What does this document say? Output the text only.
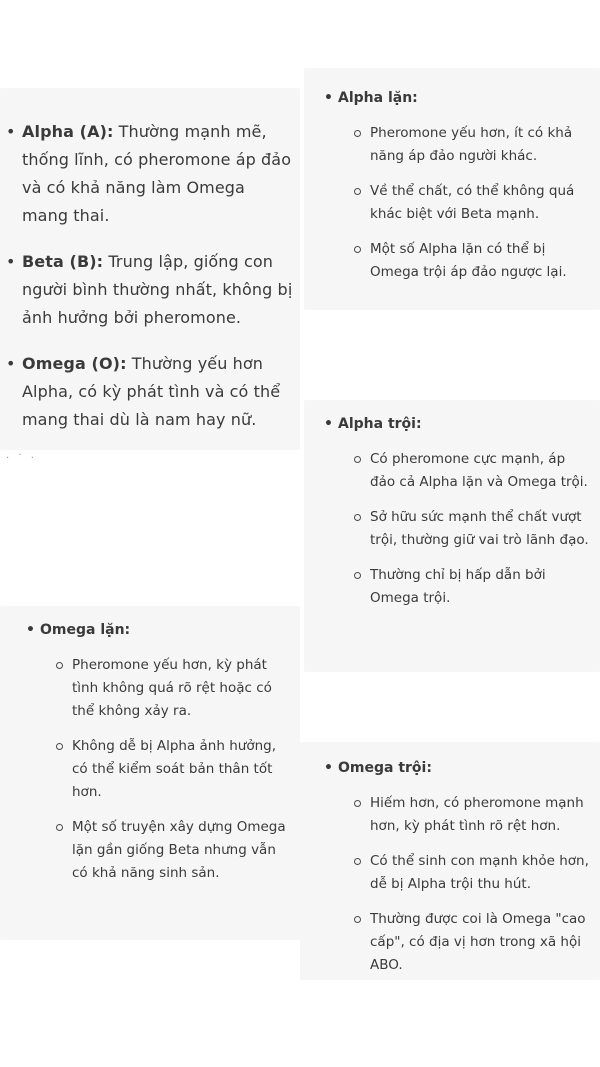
• Alpha (A): Thường mạnh mẽ, thống lĩnh, có pheromone áp đảo và có khả năng làm Omega mang thai.
• Beta (B): Trung lập, giống con người bình thường nhất, không bị ảnh hưởng bởi pheromone.
• Omega (O): Thường yếu hơn Alpha, có kỳ phát tình và có thể mang thai dù là nam hay nữ.
. · .
• Alpha lặn:
Pheromone yếu hơn, ít có khả năng áp đảo người khác.
Về thể chất, có thể không quá khác biệt với Beta mạnh.
Một số Alpha lặn có thể bị Omega trội áp đảo ngược lại.
• Alpha trội:
Có pheromone cực mạnh, áp đảo cả Alpha lặn và Omega trội.
Sở hữu sức mạnh thể chất vượt trội, thường giữ vai trò lãnh đạo.
Thường chỉ bị hấp dẫn bởi Omega trội.
• Omega lặn:
Pheromone yếu hơn, kỳ phát tình không quá rõ rệt hoặc có thể không xảy ra.
Không dễ bị Alpha ảnh hưởng, có thể kiểm soát bản thân tốt hơn.
Một số truyện xây dựng Omega lặn gần giống Beta nhưng vẫn có khả năng sinh sản.
• Omega trội:
Hiếm hơn, có pheromone mạnh hơn, kỳ phát tình rõ rệt hơn.
Có thể sinh con mạnh khỏe hơn, dễ bị Alpha trội thu hút.
Thường được coi là Omega "cao cấp", có địa vị hơn trong xã hội ABO.
